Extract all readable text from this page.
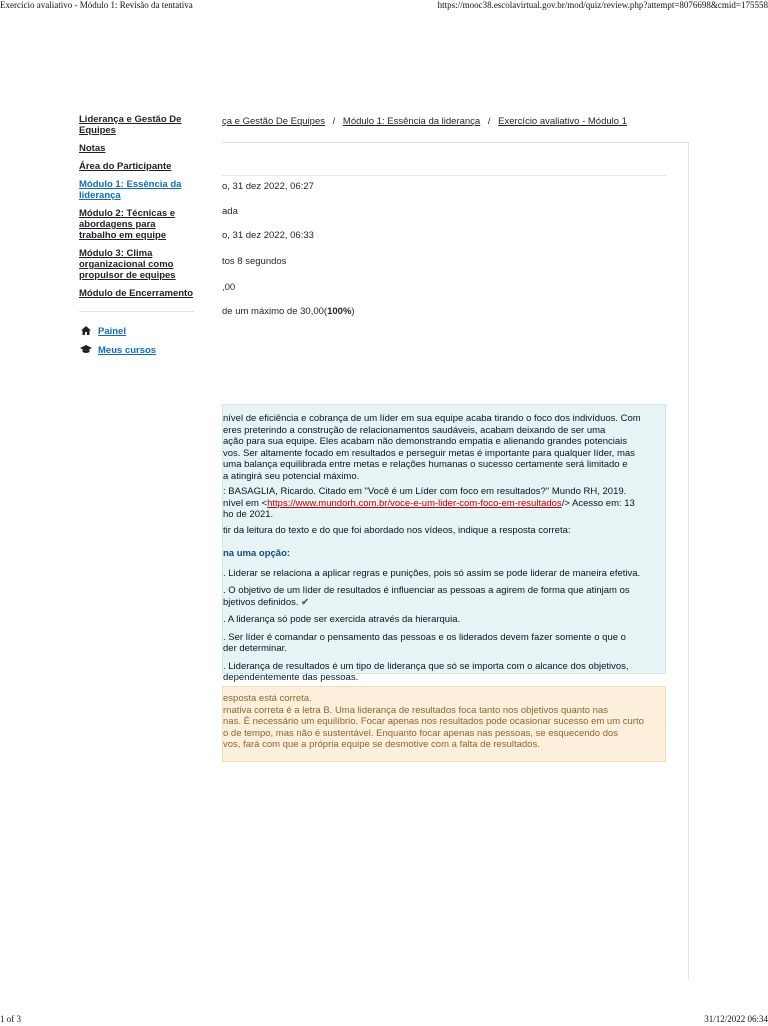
Exercício avaliativo - Módulo 1: Revisão da tentativa	https://mooc38.escolavirtual.gov.br/mod/quiz/review.php?attempt=8076698&cmid=175558
Liderança e Gestão De Equipes
Notas
Área do Participante
Módulo 1: Essência da liderança
Módulo 2: Técnicas e abordagens para trabalho em equipe
Módulo 3: Clima organizacional como propulsor de equipes
Módulo de Encerramento
Painel
Meus cursos
ça e Gestão De Equipes / Módulo 1: Essência da liderança / Exercício avaliativo - Módulo 1
o, 31 dez 2022, 06:27
ada
o, 31 dez 2022, 06:33
tos 8 segundos
,00
de um máximo de 30,00(100%)

nível de eficiência e cobrança de um líder em sua equipe acaba tirando o foco dos indivíduos. Com

eres preterindo a construção de relacionamentos saudáveis, acabam deixando de ser uma

ação para sua equipe. Eles acabam não demonstrando empatia e alienando grandes potenciais

vos. Ser altamente focado em resultados e perseguir metas é importante para qualquer líder, mas

uma balança equilibrada entre metas e relações humanas o sucesso certamente será limitado e

a atingirá seu potencial máximo.

: BASAGLIA, Ricardo. Citado em "Você é um Líder com foco em resultados?" Mundo RH, 2019.

nível em <https://www.mundorh.com.br/voce-e-um-lider-com-foco-em-resultados/> Acesso em: 13

ho de 2021.

tir da leitura do texto e do que foi abordado nos vídeos, indique a resposta correta:

na uma opção:

. Liderar se relaciona a aplicar regras e punições, pois só assim se pode liderar de maneira efetiva.

. O objetivo de um líder de resultados é influenciar as pessoas a agirem de forma que atinjam os

bjetivos definidos. ✔

. A liderança só pode ser exercida através da hierarquia.

. Ser líder é comandar o pensamento das pessoas e os liderados devem fazer somente o que o

der determinar.

. Liderança de resultados é um tipo de liderança que só se importa com o alcance dos objetivos,

dependentemente das pessoas.

esposta está correta.

rnativa correta é a letra B. Uma liderança de resultados foca tanto nos objetivos quanto nas

nas. É necessário um equilíbrio. Focar apenas nos resultados pode ocasionar sucesso em um curto

o de tempo, mas não é sustentável. Enquanto focar apenas nas pessoas, se esquecendo dos

vos, fará com que a própria equipe se desmotive com a falta de resultados.

1 of 3	31/12/2022 06:34
